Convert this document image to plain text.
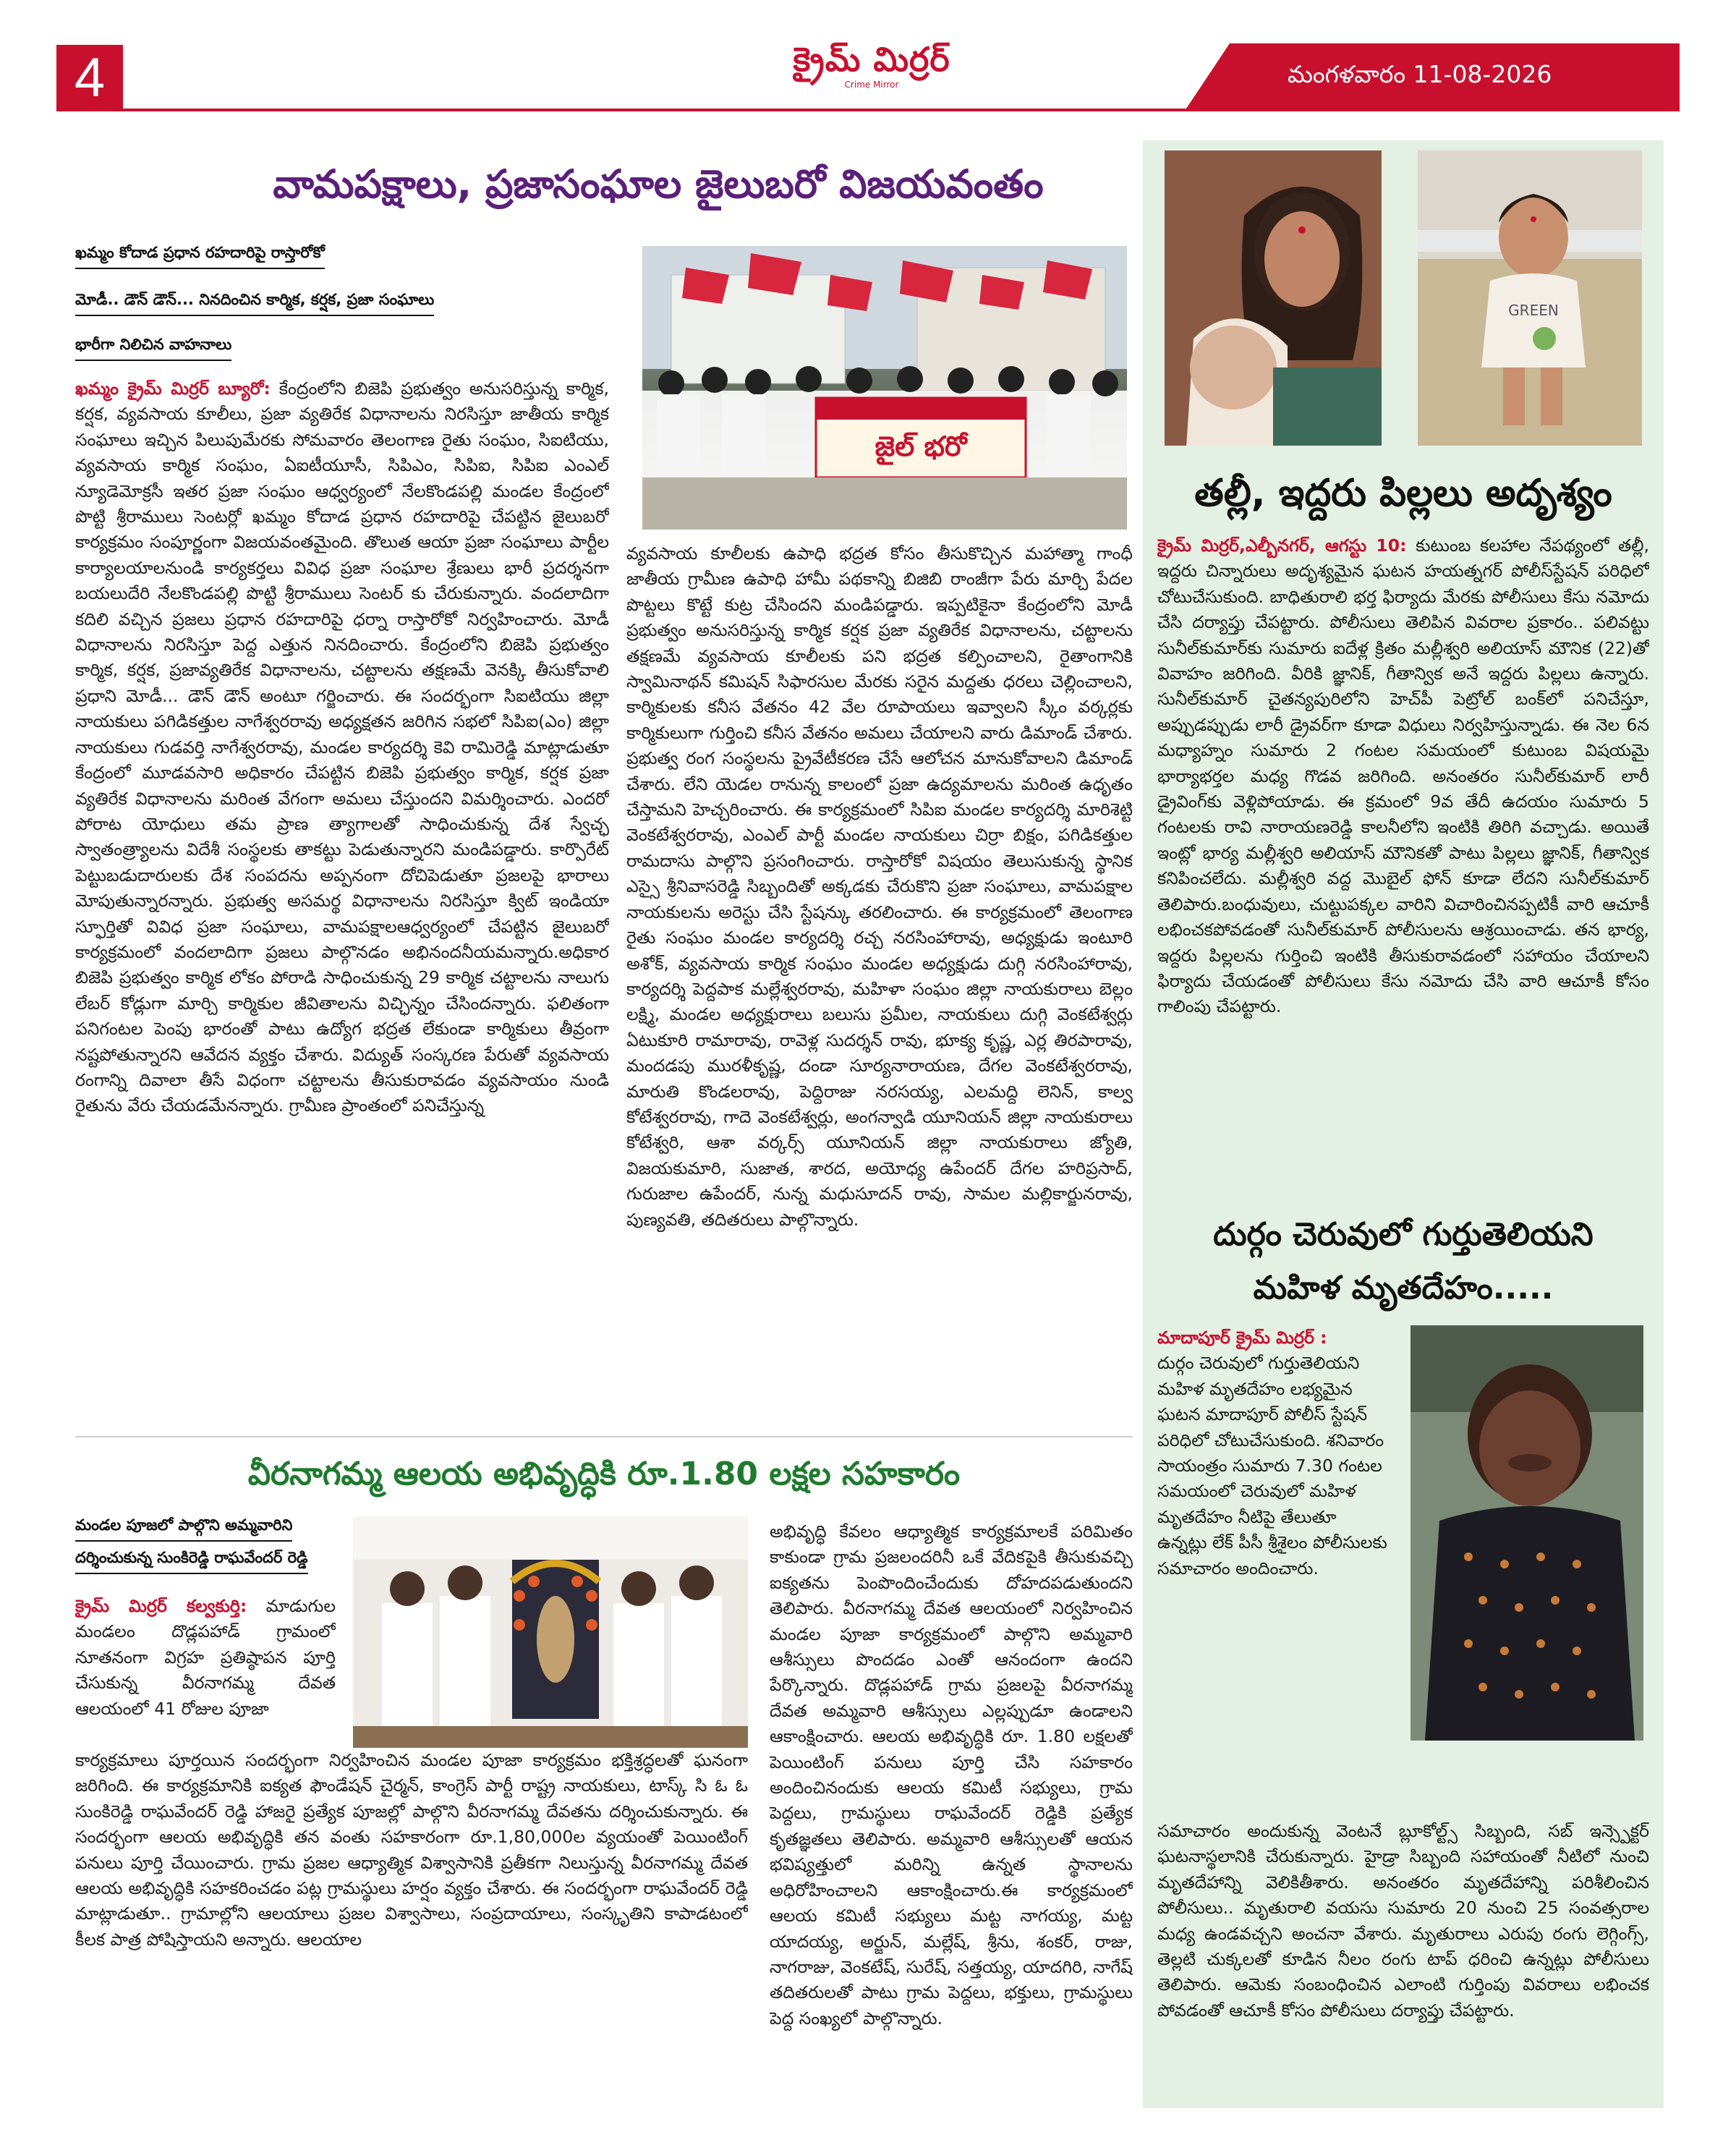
4	క్రైమ్ మిర్రర్
Crime Mirror	మంగళవారం 11-08-2026
వామపక్షాలు, ప్రజాసంఘాల జైలుబరో విజయవంతం
ఖమ్మం కోదాడ ప్రధాన రహదారిపై రాస్తారోకో
మోడీ.. డౌన్ డౌన్... నినదించిన కార్మిక, కర్షక, ప్రజా సంఘాలు
భారీగా నిలిచిన వాహనాలు
ఖమ్మం క్రైమ్ మిర్రర్ బ్యూరో: కేంద్రంలోని బిజెపి ప్రభుత్వం అనుసరిస్తున్న కార్మిక, కర్షక, వ్యవసాయ కూలీలు, ప్రజా వ్యతిరేక విధానాలను నిరసిస్తూ జాతీయ కార్మిక సంఘాలు ఇచ్చిన పిలుపుమేరకు సోమవారం తెలంగాణ రైతు సంఘం, సిఐటియు, వ్యవసాయ కార్మిక సంఘం, ఏఐటీయూసీ, సిపిఎం, సిపిఐ, సిపిఐ ఎంఎల్ న్యూడెమోక్రసీ ఇతర ప్రజా సంఘం ఆధ్వర్యంలో నేలకొండపల్లి మండల కేంద్రంలో పొట్టి శ్రీరాములు సెంటర్లో ఖమ్మం కోదాడ ప్రధాన రహదారిపై చేపట్టిన జైలుబరో కార్యక్రమం సంపూర్ణంగా విజయవంతమైంది. తొలుత ఆయా ప్రజా సంఘాలు పార్టీల కార్యాలయాలనుండి కార్యకర్తలు వివిధ ప్రజా సంఘాల శ్రేణులు భారీ ప్రదర్శనగా బయలుదేరి నేలకొండపల్లి పొట్టి శ్రీరాములు సెంటర్ కు చేరుకున్నారు. వందలాదిగా కదిలి వచ్చిన ప్రజలు ప్రధాన రహదారిపై ధర్నా రాస్తారోకో నిర్వహించారు. మోడీ విధానాలను నిరసిస్తూ పెద్ద ఎత్తున నినదించారు. కేంద్రంలోని బిజెపి ప్రభుత్వం కార్మిక, కర్షక, ప్రజావ్యతిరేక విధానాలను, చట్టాలను తక్షణమే వెనక్కి తీసుకోవాలి ప్రధాని మోడీ... డౌన్ డౌన్ అంటూ గర్జించారు. ఈ సందర్భంగా సిఐటియు జిల్లా నాయకులు పగిడికత్తుల నాగేశ్వరరావు అధ్యక్షతన జరిగిన సభలో సిపిఐ(ఎం) జిల్లా నాయకులు గుడవర్తి నాగేశ్వరరావు, మండల కార్యదర్శి కెవి రామిరెడ్డి మాట్లాడుతూ కేంద్రంలో మూడవసారి అధికారం చేపట్టిన బిజెపి ప్రభుత్వం కార్మిక, కర్షక ప్రజా వ్యతిరేక విధానాలను మరింత వేగంగా అమలు చేస్తుందని విమర్శించారు. ఎందరో పోరాట యోధులు తమ ప్రాణ త్యాగాలతో సాధించుకున్న దేశ స్వేచ్ఛ స్వాతంత్ర్యాలను విదేశీ సంస్థలకు తాకట్టు పెడుతున్నారని మండిపడ్డారు. కార్పొరేట్ పెట్టుబడుదారులకు దేశ సంపదను అప్పనంగా దోచిపెడుతూ ప్రజలపై భారాలు మోపుతున్నారన్నారు. ప్రభుత్వ అసమర్థ విధానాలను నిరసిస్తూ క్విట్ ఇండియా స్ఫూర్తితో వివిధ ప్రజా సంఘాలు, వామపక్షాలఆధ్వర్యంలో చేపట్టిన జైలుబరో కార్యక్రమంలో వందలాదిగా ప్రజలు పాల్గొనడం అభినందనీయమన్నారు.అధికార బిజెపి ప్రభుత్వం కార్మిక లోకం పోరాడి సాధించుకున్న 29 కార్మిక చట్టాలను నాలుగు లేబర్ కోడ్లుగా మార్చి కార్మికుల జీవితాలను విచ్ఛిన్నం చేసిందన్నారు. ఫలితంగా పనిగంటల పెంపు భారంతో పాటు ఉద్యోగ భద్రత లేకుండా కార్మికులు తీవ్రంగా నష్టపోతున్నారని ఆవేదన వ్యక్తం చేశారు. విద్యుత్ సంస్కరణ పేరుతో వ్యవసాయ రంగాన్ని దివాలా తీసే విధంగా చట్టాలను తీసుకురావడం వ్యవసాయం నుండి రైతును వేరు చేయడమేనన్నారు. గ్రామీణ ప్రాంతంలో పనిచేస్తున్న
జైల్ భరో
వ్యవసాయ కూలీలకు ఉపాధి భద్రత కోసం తీసుకొచ్చిన మహాత్మా గాంధీ జాతీయ గ్రామీణ ఉపాధి హామీ పథకాన్ని బిజిబి రాంజీగా పేరు మార్చి పేదల పొట్టలు కొట్టే కుట్ర చేసిందని మండిపడ్డారు. ఇప్పటికైనా కేంద్రంలోని మోడీ ప్రభుత్వం అనుసరిస్తున్న కార్మిక కర్షక ప్రజా వ్యతిరేక విధానాలను, చట్టాలను తక్షణమే వ్యవసాయ కూలీలకు పని భద్రత కల్పించాలని, రైతాంగానికి స్వామినాథన్ కమిషన్ సిఫారసుల మేరకు సరైన మద్దతు ధరలు చెల్లించాలని, కార్మికులకు కనీస వేతనం 42 వేల రూపాయలు ఇవ్వాలని స్కీం వర్కర్లకు కార్మికులుగా గుర్తించి కనీస వేతనం అమలు చేయాలని వారు డిమాండ్ చేశారు. ప్రభుత్వ రంగ సంస్థలను ప్రైవేటీకరణ చేసే ఆలోచన మానుకోవాలని డిమాండ్ చేశారు. లేని యెడల రానున్న కాలంలో ప్రజా ఉద్యమాలను మరింత ఉధృతం చేస్తామని హెచ్చరించారు. ఈ కార్యక్రమంలో సిపిఐ మండల కార్యదర్శి మారిశెట్టి వెంకటేశ్వరరావు, ఎంఎల్ పార్టీ మండల నాయకులు చిర్రా బిక్షం, పగిడికత్తుల రామదాసు పాల్గొని ప్రసంగించారు. రాస్తారోకో విషయం తెలుసుకున్న స్థానిక ఎస్సై శ్రీనివాసరెడ్డి సిబ్బందితో అక్కడకు చేరుకొని ప్రజా సంఘాలు, వామపక్షాల నాయకులను అరెస్టు చేసి స్టేషన్కు తరలించారు. ఈ కార్యక్రమంలో తెలంగాణ రైతు సంఘం మండల కార్యదర్శి రచ్చ నరసింహారావు, అధ్యక్షుడు ఇంటూరి అశోక్, వ్యవసాయ కార్మిక సంఘం మండల అధ్యక్షుడు దుగ్గి నరసింహారావు, కార్యదర్శి పెద్దపాక మల్లేశ్వరరావు, మహిళా సంఘం జిల్లా నాయకురాలు బెల్లం లక్ష్మి, మండల అధ్యక్షురాలు బలుసు ప్రమీల, నాయకులు దుగ్గి వెంకటేశ్వర్లు ఏటుకూరి రామారావు, రావెళ్ల సుదర్శన్ రావు, భూక్య కృష్ణ, ఎర్ల తిరపారావు, మందడపు మురళీకృష్ణ, దండా సూర్యనారాయణ, దేగల వెంకటేశ్వరరావు, మారుతి కొండలరావు, పెద్దిరాజు నరసయ్య, ఎలమద్ది లెనిన్, కాల్వ కోటేశ్వరరావు, గాదె వెంకటేశ్వర్లు, అంగన్వాడి యూనియన్ జిల్లా నాయకురాలు కోటేశ్వరి, ఆశా వర్కర్స్ యూనియన్ జిల్లా నాయకురాలు జ్యోతి, విజయకుమారి, సుజాత, శారద, అయోధ్య ఉపేందర్ దేగల హరిప్రసాద్, గురుజాల ఉపేందర్, నున్న మధుసూదన్ రావు, సామల మల్లికార్జునరావు, పుణ్యవతి, తదితరులు పాల్గొన్నారు.
GREEN
తల్లీ, ఇద్దరు పిల్లలు అదృశ్యం
క్రైమ్ మిర్రర్,ఎల్బీనగర్, ఆగస్టు 10: కుటుంబ కలహాల నేపథ్యంలో తల్లీ, ఇద్దరు చిన్నారులు అదృశ్యమైన ఘటన హయత్నగర్ పోలీస్‌స్టేషన్ పరిధిలో చోటుచేసుకుంది. బాధితురాలి భర్త ఫిర్యాదు మేరకు పోలీసులు కేసు నమోదు చేసి దర్యాప్తు చేపట్టారు. పోలీసులు తెలిపిన వివరాల ప్రకారం.. పలివట్టు సునీల్‌కుమార్‌కు సుమారు ఐదేళ్ల క్రితం మల్లీశ్వరి అలియాస్ మౌనిక (22)తో వివాహం జరిగింది. వీరికి జ్ఞానిక్, గీతాన్విక అనే ఇద్దరు పిల్లలు ఉన్నారు. సునీల్‌కుమార్ చైతన్యపురిలోని హెచ్‌పీ పెట్రోల్ బంక్‌లో పనిచేస్తూ, అప్పుడప్పుడు లారీ డ్రైవర్‌గా కూడా విధులు నిర్వహిస్తున్నాడు. ఈ నెల 6న మధ్యాహ్నం సుమారు 2 గంటల సమయంలో కుటుంబ విషయమై భార్యాభర్తల మధ్య గొడవ జరిగింది. అనంతరం సునీల్‌కుమార్ లారీ డ్రైవింగ్‌కు వెళ్లిపోయాడు. ఈ క్రమంలో 9వ తేదీ ఉదయం సుమారు 5 గంటలకు రావి నారాయణరెడ్డి కాలనీలోని ఇంటికి తిరిగి వచ్చాడు. అయితే ఇంట్లో భార్య మల్లీశ్వరి అలియాస్ మౌనికతో పాటు పిల్లలు జ్ఞానిక్, గీతాన్విక కనిపించలేదు. మల్లీశ్వరి వద్ద మొబైల్ ఫోన్ కూడా లేదని సునీల్‌కుమార్ తెలిపారు.బంధువులు, చుట్టుపక్కల వారిని విచారించినప్పటికీ వారి ఆచూకీ లభించకపోవడంతో సునీల్‌కుమార్ పోలీసులను ఆశ్రయించాడు. తన భార్య, ఇద్దరు పిల్లలను గుర్తించి ఇంటికి తీసుకురావడంలో సహాయం చేయాలని ఫిర్యాదు చేయడంతో పోలీసులు కేసు నమోదు చేసి వారి ఆచూకీ కోసం గాలింపు చేపట్టారు.
దుర్గం చెరువులో గుర్తుతెలియని
మహిళ మృతదేహం.....
మాదాపూర్ క్రైమ్ మిర్రర్ :
దుర్గం చెరువులో గుర్తుతెలియని మహిళ మృతదేహం లభ్యమైన ఘటన మాదాపూర్ పోలీస్ స్టేషన్ పరిధిలో చోటుచేసుకుంది. శనివారం సాయంత్రం సుమారు 7.30 గంటల సమయంలో చెరువులో మహిళ మృతదేహం నీటిపై తేలుతూ ఉన్నట్లు లేక్ పీసీ శ్రీశైలం పోలీసులకు సమాచారం అందించారు.
సమాచారం అందుకున్న వెంటనే బ్లూకోల్ట్స్ సిబ్బంది, సబ్ ఇన్స్పెక్టర్ ఘటనాస్థలానికి చేరుకున్నారు. హైడ్రా సిబ్బంది సహాయంతో నీటిలో నుంచి మృతదేహాన్ని వెలికితీశారు. అనంతరం మృతదేహాన్ని పరిశీలించిన పోలీసులు.. మృతురాలి వయసు సుమారు 20 నుంచి 25 సంవత్సరాల మధ్య ఉండవచ్చని అంచనా వేశారు. మృతురాలు ఎరుపు రంగు లెగ్గింగ్స్, తెల్లటి చుక్కలతో కూడిన నీలం రంగు టాప్ ధరించి ఉన్నట్లు పోలీసులు తెలిపారు. ఆమెకు సంబంధించిన ఎలాంటి గుర్తింపు వివరాలు లభించక పోవడంతో ఆచూకీ కోసం పోలీసులు దర్యాప్తు చేపట్టారు.
వీరనాగమ్మ ఆలయ అభివృద్ధికి రూ.1.80 లక్షల సహకారం
మండల పూజలో పాల్గొని అమ్మవారిని దర్శించుకున్న సుంకిరెడ్డి రాఘవేందర్ రెడ్డి
క్రైమ్ మిర్రర్ కల్వకుర్తి: మాడుగుల మండలం దొడ్లపహాడ్ గ్రామంలో నూతనంగా విగ్రహ ప్రతిష్ఠాపన పూర్తి చేసుకున్న వీరనాగమ్మ దేవత ఆలయంలో 41 రోజుల పూజా
కార్యక్రమాలు పూర్తయిన సందర్భంగా నిర్వహించిన మండల పూజా కార్యక్రమం భక్తిశ్రద్ధలతో ఘనంగా జరిగింది. ఈ కార్యక్రమానికి ఐక్యత ఫౌండేషన్ చైర్మన్, కాంగ్రెస్ పార్టీ రాష్ట్ర నాయకులు, టాస్క్ సి ఓ ఓ సుంకిరెడ్డి రాఘవేందర్ రెడ్డి హాజరై ప్రత్యేక పూజల్లో పాల్గొని వీరనాగమ్మ దేవతను దర్శించుకున్నారు. ఈ సందర్భంగా ఆలయ అభివృద్ధికి తన వంతు సహకారంగా రూ.1,80,000ల వ్యయంతో పెయింటింగ్ పనులు పూర్తి చేయించారు. గ్రామ ప్రజల ఆధ్యాత్మిక విశ్వాసానికి ప్రతీకగా నిలుస్తున్న వీరనాగమ్మ దేవత ఆలయ అభివృద్ధికి సహకరించడం పట్ల గ్రామస్థులు హర్షం వ్యక్తం చేశారు. ఈ సందర్భంగా రాఘవేందర్ రెడ్డి మాట్లాడుతూ.. గ్రామాల్లోని ఆలయాలు ప్రజల విశ్వాసాలు, సంప్రదాయాలు, సంస్కృతిని కాపాడటంలో కీలక పాత్ర పోషిస్తాయని అన్నారు. ఆలయాల
అభివృద్ధి కేవలం ఆధ్యాత్మిక కార్యక్రమాలకే పరిమితం కాకుండా గ్రామ ప్రజలందరినీ ఒకే వేదికపైకి తీసుకువచ్చి ఐక్యతను పెంపొందించేందుకు దోహదపడుతుందని తెలిపారు. వీరనాగమ్మ దేవత ఆలయంలో నిర్వహించిన మండల పూజా కార్యక్రమంలో పాల్గొని అమ్మవారి ఆశీస్సులు పొందడం ఎంతో ఆనందంగా ఉందని పేర్కొన్నారు. దొడ్లపహాడ్ గ్రామ ప్రజలపై వీరనాగమ్మ దేవత అమ్మవారి ఆశీస్సులు ఎల్లప్పుడూ ఉండాలని ఆకాంక్షించారు. ఆలయ అభివృద్ధికి రూ. 1.80 లక్షలతో పెయింటింగ్ పనులు పూర్తి చేసి సహకారం అందించినందుకు ఆలయ కమిటీ సభ్యులు, గ్రామ పెద్దలు, గ్రామస్థులు రాఘవేందర్ రెడ్డికి ప్రత్యేక కృతజ్ఞతలు తెలిపారు. అమ్మవారి ఆశీస్సులతో ఆయన భవిష్యత్తులో మరిన్ని ఉన్నత స్థానాలను అధిరోహించాలని ఆకాంక్షించారు.ఈ కార్యక్రమంలో ఆలయ కమిటీ సభ్యులు మట్ట నాగయ్య, మట్ట యాదయ్య, అర్జున్, మల్లేష్, శ్రీను, శంకర్, రాజు, నాగరాజు, వెంకటేష్, సురేష్, సత్తయ్య, యాదగిరి, నాగేష్ తదితరులతో పాటు గ్రామ పెద్దలు, భక్తులు, గ్రామస్థులు పెద్ద సంఖ్యలో పాల్గొన్నారు.
